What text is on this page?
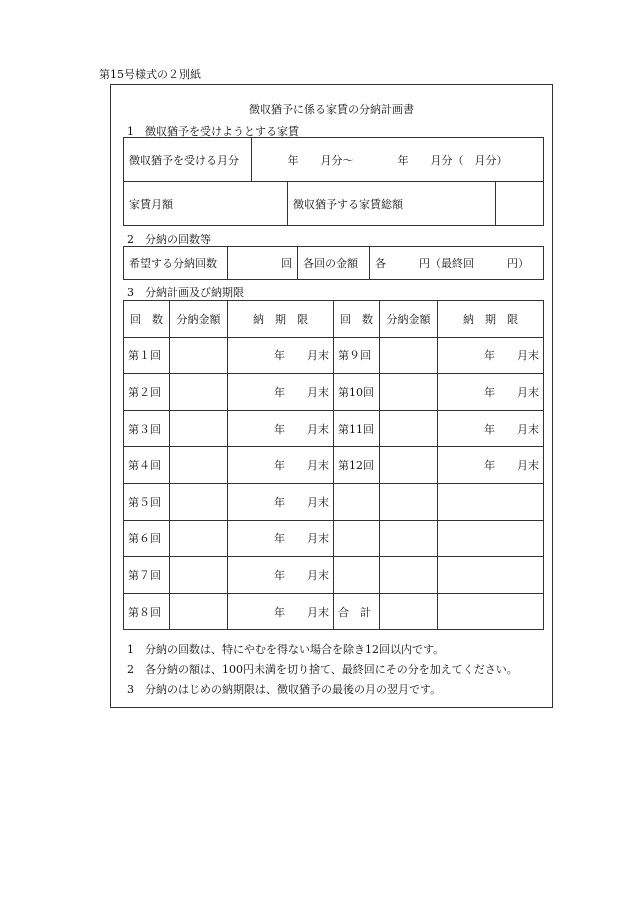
第15号様式の２別紙
徴収猶予に係る家賃の分納計画書
1　徴収猶予を受けようとする家賃
徴収猶予を受ける月分	年　　月分〜　　　　年　　月分（　月分）		
家賃月額		徴収猶予する家賃総額	
2　分納の回数等
希望する分納回数	回	各回の金額	各　　　円（最終回　　　円）
3　分納計画及び納期限
回　数	分納金額	納　期　限	回　数	分納金額	納　期　限
第１回		年　　月末	第９回		年　　月末
第２回		年　　月末	第10回		年　　月末
第３回		年　　月末	第11回		年　　月末
第４回		年　　月末	第12回		年　　月末
第５回		年　　月末			
第６回		年　　月末			
第７回		年　　月末			
第８回		年　　月末	合　計		
1　分納の回数は、特にやむを得ない場合を除き12回以内です。
2　各分納の額は、100円未満を切り捨て、最終回にその分を加えてください。
3　分納のはじめの納期限は、徴収猶予の最後の月の翌月です。
